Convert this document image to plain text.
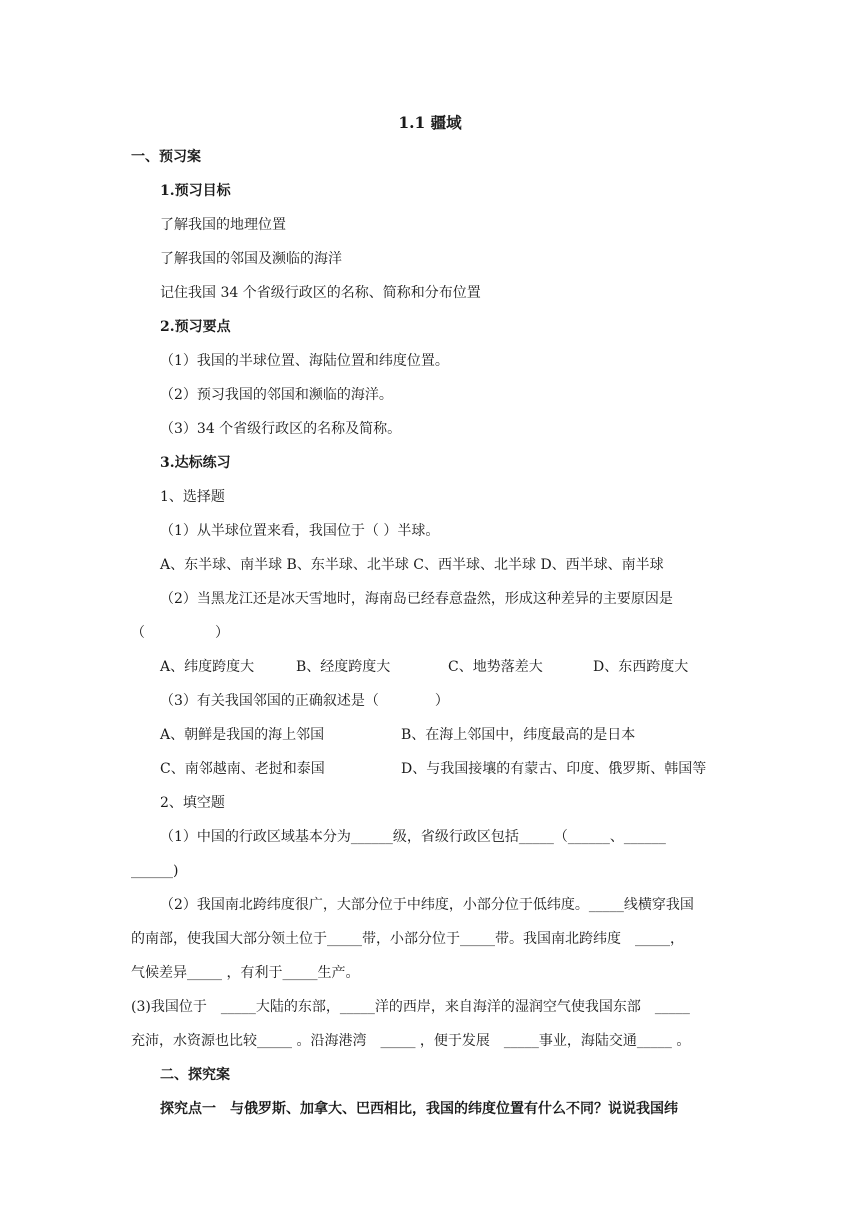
1.1 疆域
一、预习案
1.预习目标
了解我国的地理位置
了解我国的邻国及濒临的海洋
记住我国 34 个省级行政区的名称、简称和分布位置
2.预习要点
（1）我国的半球位置、海陆位置和纬度位置。
（2）预习我国的邻国和濒临的海洋。
（3）34 个省级行政区的名称及简称。
3.达标练习
1、选择题
（1）从半球位置来看，我国位于（ ）半球。
A、东半球、南半球 B、东半球、北半球 C、西半球、北半球 D、西半球、南半球
（2）当黑龙江还是冰天雪地时，海南岛已经春意盎然，形成这种差异的主要原因是
（　　　　　）
A、纬度跨度大	B、经度跨度大	C、地势落差大	D、东西跨度大
（3）有关我国邻国的正确叙述是（　　　　）
A、朝鲜是我国的海上邻国	B、在海上邻国中，纬度最高的是日本
C、南邻越南、老挝和泰国	D、与我国接壤的有蒙古、印度、俄罗斯、韩国等
2、填空题
（1）中国的行政区域基本分为______级，省级行政区包括_____（______、______
______)
（2）我国南北跨纬度很广，大部分位于中纬度，小部分位于低纬度。_____线横穿我国
的南部，使我国大部分领土位于_____带，小部分位于_____带。我国南北跨纬度　_____，
气候差异_____ ，有利于_____生产。
(3)我国位于　_____大陆的东部，_____洋的西岸，来自海洋的湿润空气使我国东部　_____
充沛，水资源也比较_____ 。沿海港湾　_____ ，便于发展　_____事业，海陆交通_____ 。
二、探究案
探究点一　与俄罗斯、加拿大、巴西相比，我国的纬度位置有什么不同？说说我国纬
